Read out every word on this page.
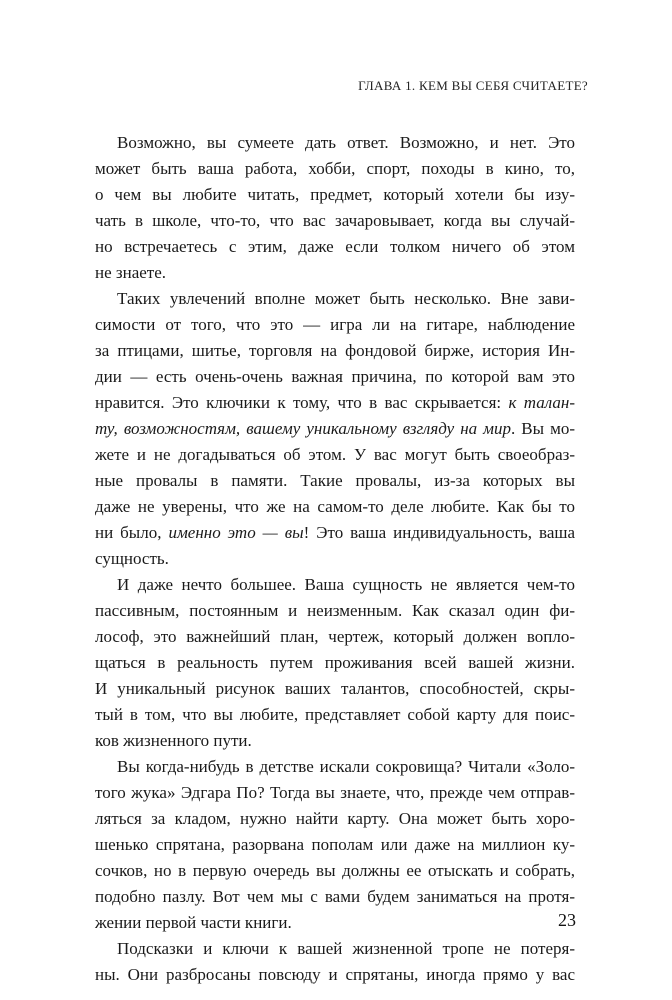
ГЛАВА 1. КЕМ ВЫ СЕБЯ СЧИТАЕТЕ?
Возможно, вы сумеете дать ответ. Возможно, и нет. Это
может быть ваша работа, хобби, спорт, походы в кино, то,
о чем вы любите читать, предмет, который хотели бы изу-
чать в школе, что-то, что вас зачаровывает, когда вы случай-
но встречаетесь с этим, даже если толком ничего об этом
не знаете.
Таких увлечений вполне может быть несколько. Вне зави-
симости от того, что это — игра ли на гитаре, наблюдение
за птицами, шитье, торговля на фондовой бирже, история Ин-
дии — есть очень-очень важная причина, по которой вам это
нравится. Это ключики к тому, что в вас скрывается: к талан-
ту, возможностям, вашему уникальному взгляду на мир. Вы мо-
жете и не догадываться об этом. У вас могут быть своеобраз-
ные провалы в памяти. Такие провалы, из-за которых вы
даже не уверены, что же на самом-то деле любите. Как бы то
ни было, именно это — вы! Это ваша индивидуальность, ваша
сущность.
И даже нечто большее. Ваша сущность не является чем-то
пассивным, постоянным и неизменным. Как сказал один фи-
лософ, это важнейший план, чертеж, который должен вопло-
щаться в реальность путем проживания всей вашей жизни.
И уникальный рисунок ваших талантов, способностей, скры-
тый в том, что вы любите, представляет собой карту для поис-
ков жизненного пути.
Вы когда-нибудь в детстве искали сокровища? Читали «Золо-
того жука» Эдгара По? Тогда вы знаете, что, прежде чем отправ-
ляться за кладом, нужно найти карту. Она может быть хоро-
шенько спрятана, разорвана пополам или даже на миллион ку-
сочков, но в первую очередь вы должны ее отыскать и собрать,
подобно пазлу. Вот чем мы с вами будем заниматься на протя-
жении первой части книги.
Подсказки и ключи к вашей жизненной тропе не потеря-
ны. Они разбросаны повсюду и спрятаны, иногда прямо у вас
23
